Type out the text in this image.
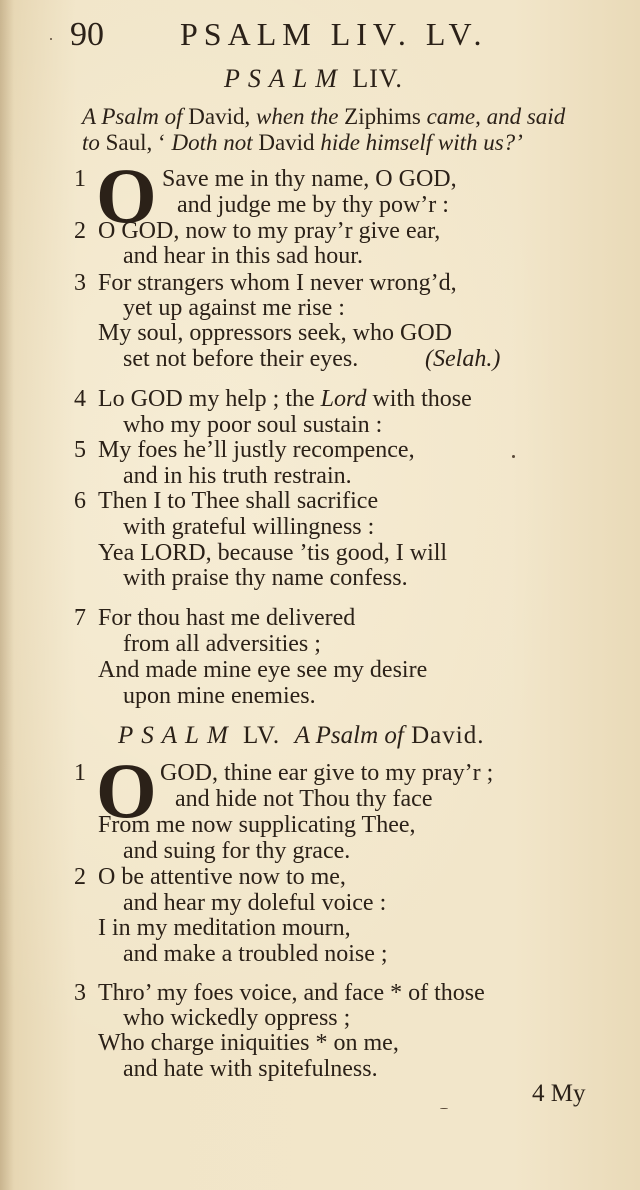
90 PSALM LIV. LV.
PSALM LIV.
A Psalm of David, when the Ziphims came, and said
to Saul, ‘ Doth not David hide himself with us?’
1 O Save me in thy name, O GOD,
and judge me by thy pow’r :
2 O GOD, now to my pray’r give ear,
and hear in this sad hour.
3 For strangers whom I never wrong’d,
yet up against me rise :
My soul, oppressors seek, who GOD
set not before their eyes.	(Selah.)
4 Lo GOD my help ; the Lord with those
who my poor soul sustain :
5 My foes he’ll justly recompence,
and in his truth restrain.
6 Then I to Thee shall sacrifice
with grateful willingness :
Yea LORD, because ’tis good, I will
with praise thy name confess.
7 For thou hast me delivered
from all adversities ;
And made mine eye see my desire
upon mine enemies.
PSALM LV. A Psalm of David.
1 O GOD, thine ear give to my pray’r ;
and hide not Thou thy face
From me now supplicating Thee,
and suing for thy grace.
2 O be attentive now to me,
and hear my doleful voice :
I in my meditation mourn,
and make a troubled noise ;
3 Thro’ my foes voice, and face * of those
who wickedly oppress ;
Who charge iniquities * on me,
and hate with spitefulness.
4 My
